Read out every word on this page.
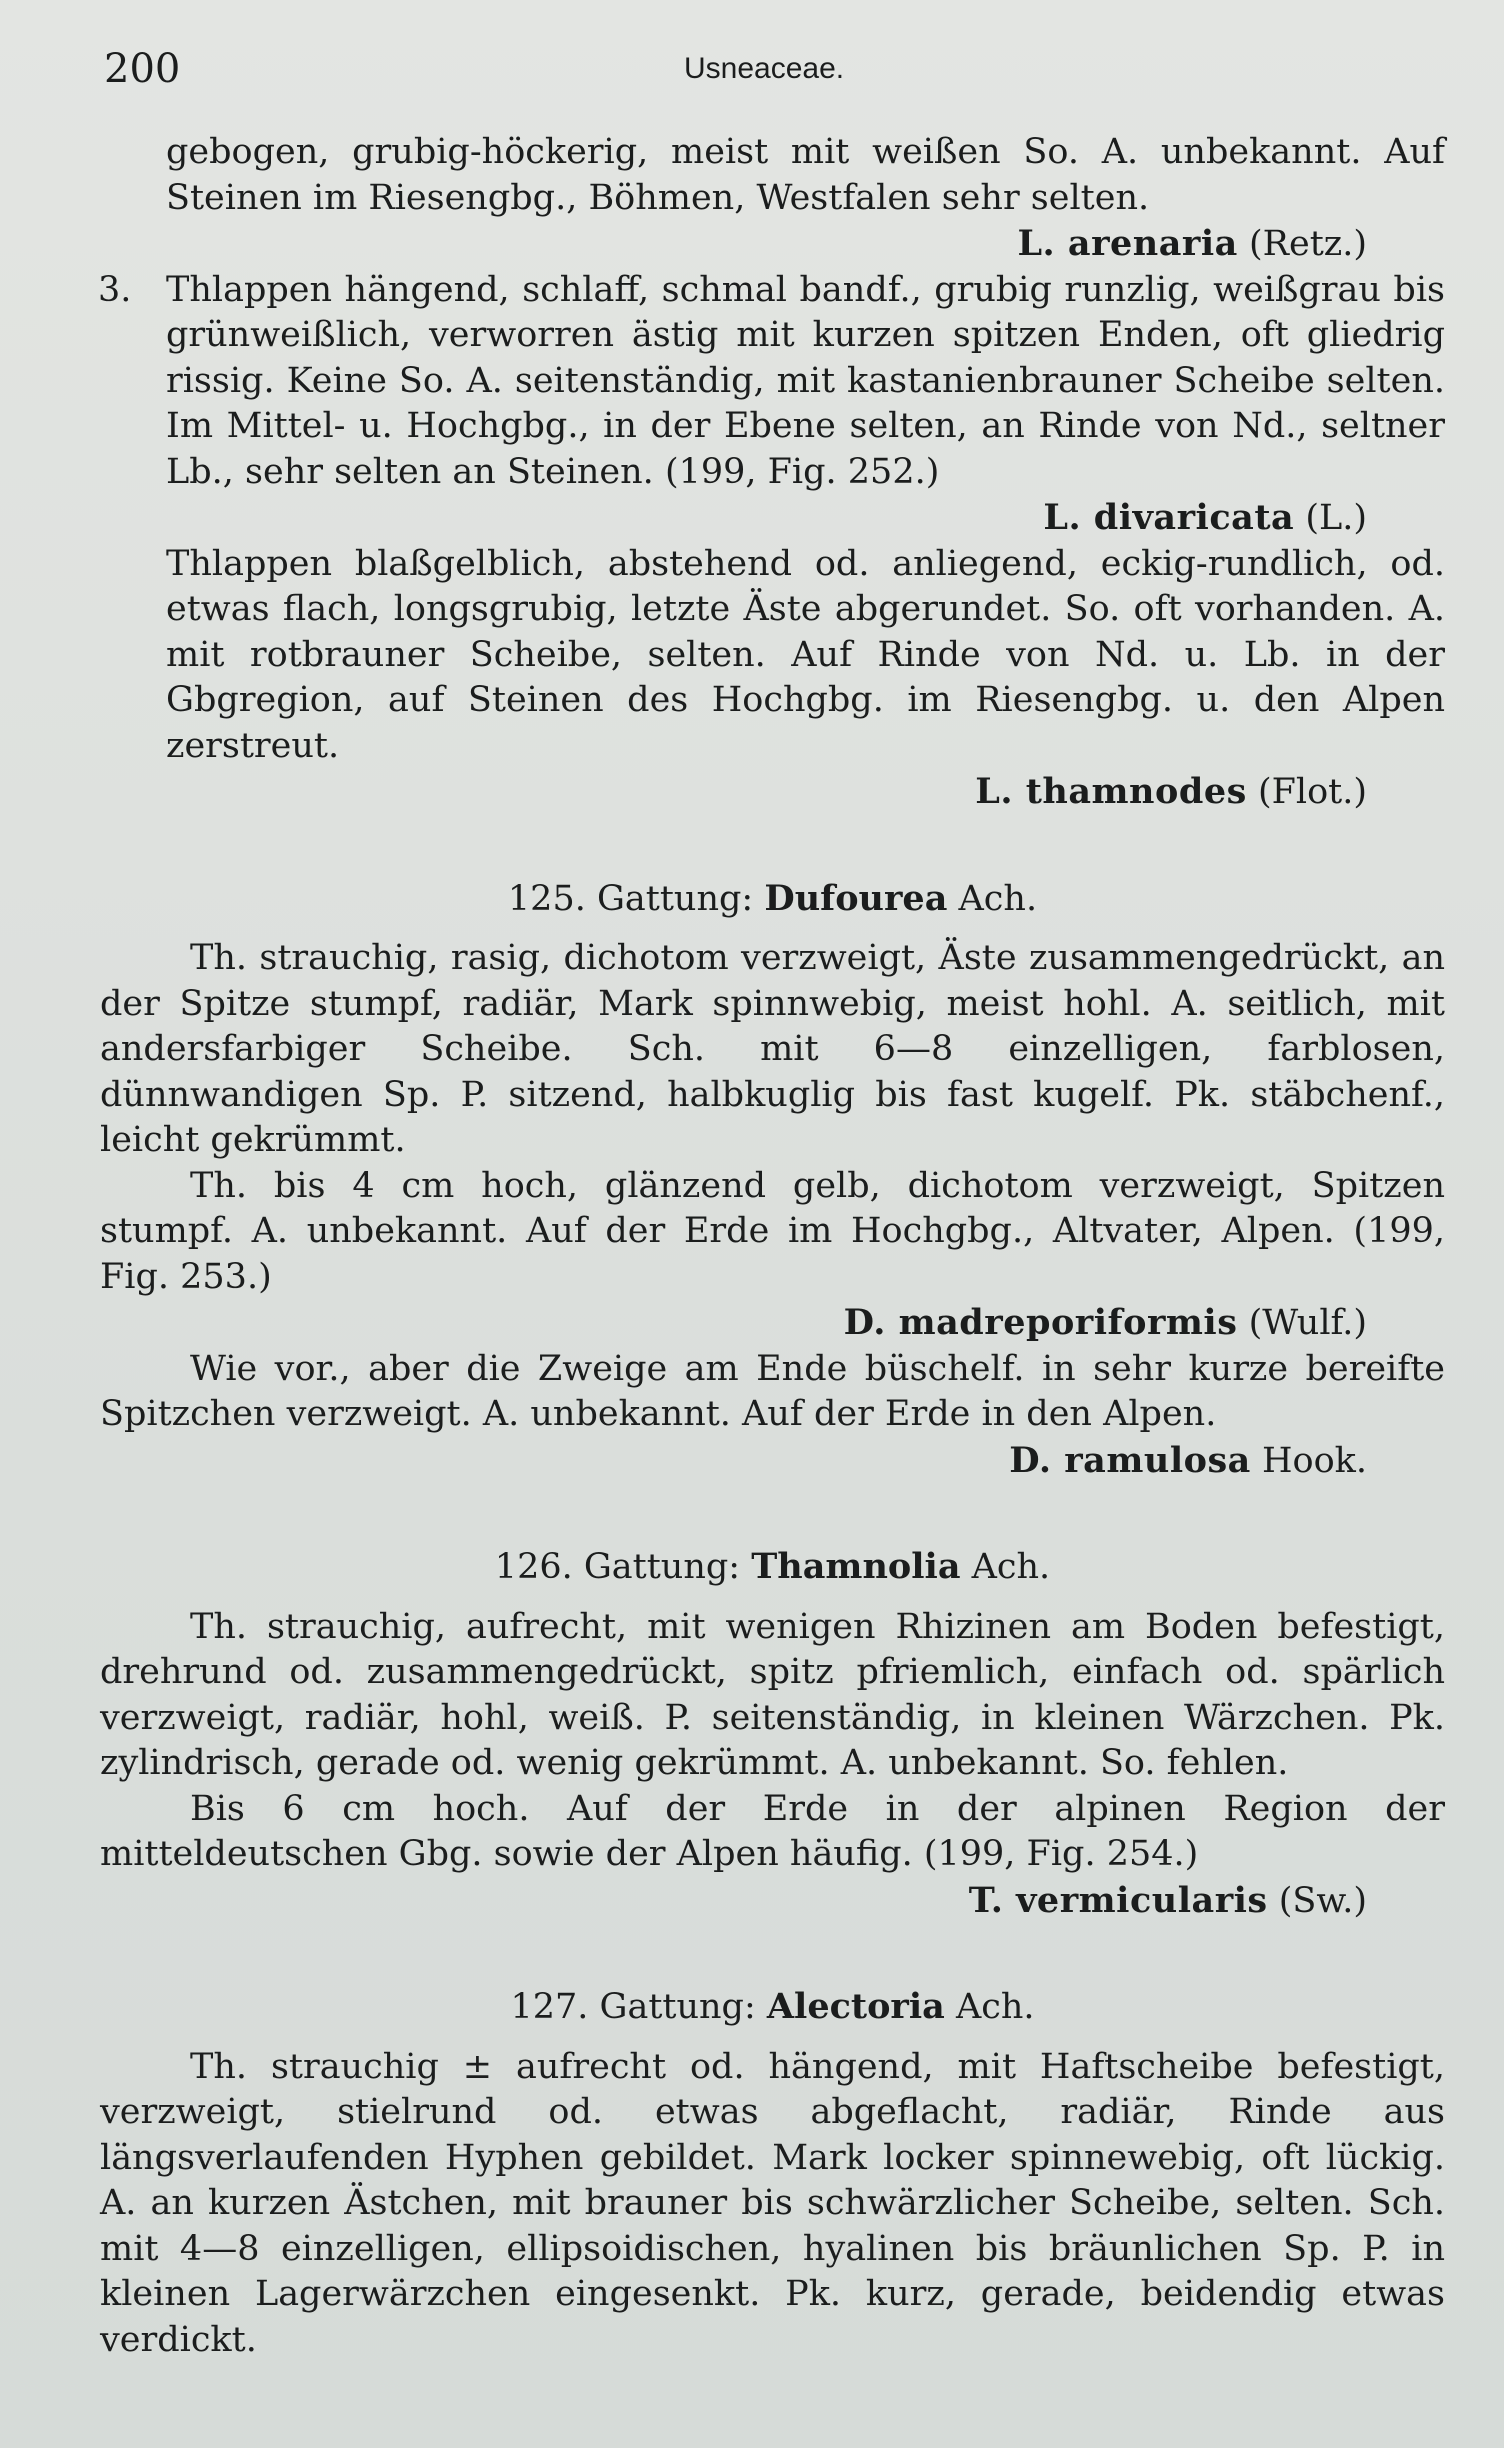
200	Usneaceae.
gebogen, grubig-höckerig, meist mit weißen So. A. unbekannt. Auf Steinen im Riesengbg., Böhmen, Westfalen sehr selten.
L. arenaria (Retz.)
3. Thlappen hängend, schlaff, schmal bandf., grubig runzlig, weißgrau bis grünweißlich, verworren ästig mit kurzen spitzen Enden, oft gliedrig rissig. Keine So. A. seitenständig, mit kastanienbrauner Scheibe selten. Im Mittel- u. Hochgbg., in der Ebene selten, an Rinde von Nd., seltner Lb., sehr selten an Steinen. (199, Fig. 252.)
L. divaricata (L.)
Thlappen blaßgelblich, abstehend od. anliegend, eckig-rundlich, od. etwas flach, longsgrubig, letzte Äste abgerundet. So. oft vorhanden. A. mit rotbrauner Scheibe, selten. Auf Rinde von Nd. u. Lb. in der Gbgregion, auf Steinen des Hochgbg. im Riesengbg. u. den Alpen zerstreut.
L. thamnodes (Flot.)
125. Gattung: Dufourea Ach.
Th. strauchig, rasig, dichotom verzweigt, Äste zusammengedrückt, an der Spitze stumpf, radiär, Mark spinnwebig, meist hohl. A. seitlich, mit andersfarbiger Scheibe. Sch. mit 6—8 einzelligen, farblosen, dünnwandigen Sp. P. sitzend, halbkuglig bis fast kugelf. Pk. stäbchenf., leicht gekrümmt.
Th. bis 4 cm hoch, glänzend gelb, dichotom verzweigt, Spitzen stumpf. A. unbekannt. Auf der Erde im Hochgbg., Altvater, Alpen. (199, Fig. 253.)
D. madreporiformis (Wulf.)
Wie vor., aber die Zweige am Ende büschelf. in sehr kurze bereifte Spitzchen verzweigt. A. unbekannt. Auf der Erde in den Alpen.
D. ramulosa Hook.
126. Gattung: Thamnolia Ach.
Th. strauchig, aufrecht, mit wenigen Rhizinen am Boden befestigt, drehrund od. zusammengedrückt, spitz pfriemlich, einfach od. spärlich verzweigt, radiär, hohl, weiß. P. seitenständig, in kleinen Wärzchen. Pk. zylindrisch, gerade od. wenig gekrümmt. A. unbekannt. So. fehlen.
Bis 6 cm hoch. Auf der Erde in der alpinen Region der mitteldeutschen Gbg. sowie der Alpen häufig. (199, Fig. 254.)
T. vermicularis (Sw.)
127. Gattung: Alectoria Ach.
Th. strauchig ± aufrecht od. hängend, mit Haftscheibe befestigt, verzweigt, stielrund od. etwas abgeflacht, radiär, Rinde aus längsverlaufenden Hyphen gebildet. Mark locker spinnewebig, oft lückig. A. an kurzen Ästchen, mit brauner bis schwärzlicher Scheibe, selten. Sch. mit 4—8 einzelligen, ellipsoidischen, hyalinen bis bräunlichen Sp. P. in kleinen Lagerwärzchen eingesenkt. Pk. kurz, gerade, beidendig etwas verdickt.
